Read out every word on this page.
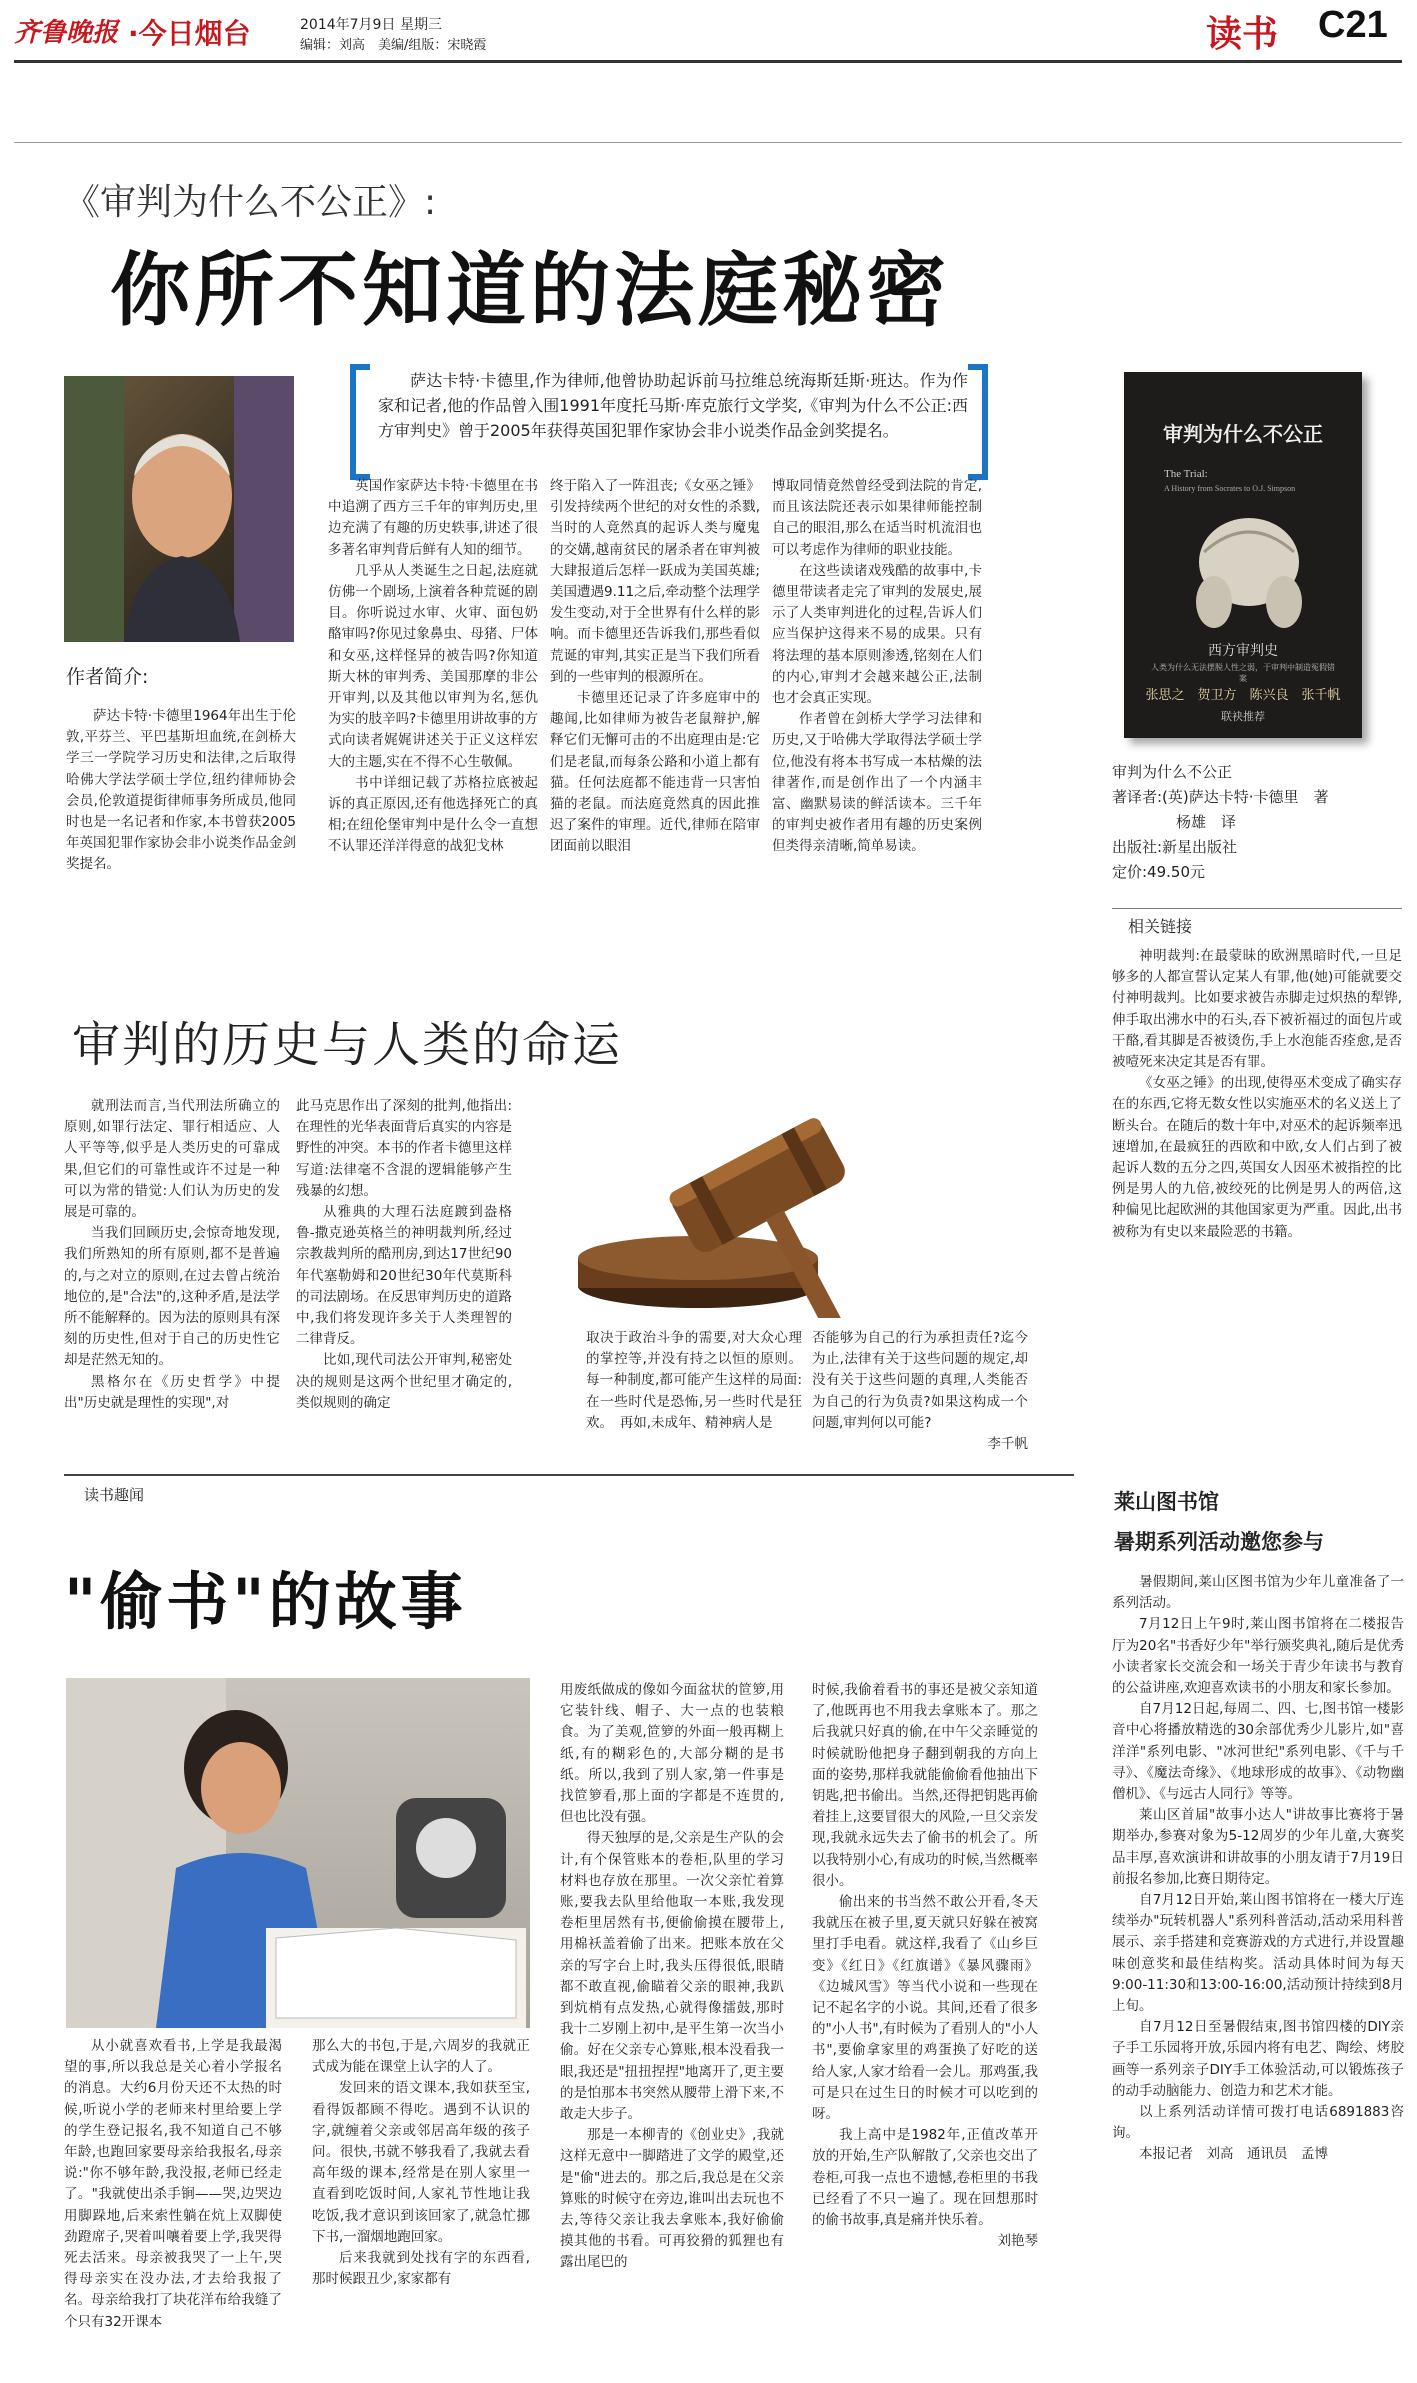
齐鲁晚报 ·今日烟台	2014年7月9日 星期三
编辑：刘高　美编/组版：宋晓霞	读书 C21
《审判为什么不公正》:
你所不知道的法庭秘密
作者简介:

萨达卡特·卡德里1964年出生于伦敦,平芬兰、平巴基斯坦血统,在剑桥大学三一学院学习历史和法律,之后取得哈佛大学法学硕士学位,纽约律师协会会员,伦敦道提街律师事务所成员,他同时也是一名记者和作家,本书曾获2005年英国犯罪作家协会非小说类作品金剑奖提名。

萨达卡特·卡德里,作为律师,他曾协助起诉前马拉维总统海斯廷斯·班达。作为作家和记者,他的作品曾入围1991年度托马斯·库克旅行文学奖,《审判为什么不公正:西方审判史》曾于2005年获得英国犯罪作家协会非小说类作品金剑奖提名。

英国作家萨达卡特·卡德里在书中追溯了西方三千年的审判历史,里边充满了有趣的历史轶事,讲述了很多著名审判背后鲜有人知的细节。

几乎从人类诞生之日起,法庭就仿佛一个剧场,上演着各种荒诞的剧目。你听说过水审、火审、面包奶酪审吗?你见过象鼻虫、母猪、尸体和女巫,这样怪异的被告吗?你知道斯大林的审判秀、美国那摩的非公开审判,以及其他以审判为名,惩仇为实的肢辛吗?卡德里用讲故事的方式向读者娓娓讲述关于正义这样宏大的主题,实在不得不心生敬佩。

书中详细记载了苏格拉底被起诉的真正原因,还有他选择死亡的真相;在纽伦堡审判中是什么令一直想不认罪还洋洋得意的战犯戈林

终于陷入了一阵沮丧;《女巫之锤》引发持续两个世纪的对女性的杀戮,当时的人竟然真的起诉人类与魔鬼的交媾,越南贫民的屠杀者在审判被大肆报道后怎样一跃成为美国英雄;美国遭遇9.11之后,牵动整个法理学发生变动,对于全世界有什么样的影响。而卡德里还告诉我们,那些看似荒诞的审判,其实正是当下我们所看到的一些审判的根源所在。

卡德里还记录了许多庭审中的趣闻,比如律师为被告老鼠辩护,解释它们无懈可击的不出庭理由是:它们是老鼠,而每条公路和小道上都有猫。任何法庭都不能违背一只害怕猫的老鼠。而法庭竟然真的因此推迟了案件的审理。近代,律师在陪审团面前以眼泪

博取同情竟然曾经受到法院的肯定,而且该法院还表示如果律师能控制自己的眼泪,那么在适当时机流泪也可以考虑作为律师的职业技能。

在这些读诸戏残酷的故事中,卡德里带读者走完了审判的发展史,展示了人类审判进化的过程,告诉人们应当保护这得来不易的成果。只有将法理的基本原则渗透,铭刻在人们的内心,审判才会越来越公正,法制也才会真正实现。

作者曾在剑桥大学学习法律和历史,又于哈佛大学取得法学硕士学位,他没有将本书写成一本枯燥的法律著作,而是创作出了一个内涵丰富、幽默易读的鲜活读本。三千年的审判史被作者用有趣的历史案例但类得亲清晰,简单易读。

审判为什么不公正
The Trial:
A History from Socrates to O.J. Simpson
西方审判史
人类为什么无法摆脱人性之弱，于审判中制造冤假错案
张思之　贺卫方　陈兴良　张千帆
联袂推荐
审判为什么不公正
著译者:(英)萨达卡特·卡德里　著
杨雄　译
出版社:新星出版社
定价:49.50元
相关链接

神明裁判:在最蒙昧的欧洲黑暗时代,一旦足够多的人都宣誓认定某人有罪,他(她)可能就要交付神明裁判。比如要求被告赤脚走过炽热的犁铧,伸手取出沸水中的石头,吞下被祈福过的面包片或干酪,看其脚是否被烫伤,手上水泡能否痊愈,是否被噎死来决定其是否有罪。

《女巫之锤》的出现,使得巫术变成了确实存在的东西,它将无数女性以实施巫术的名义送上了断头台。在随后的数十年中,对巫术的起诉频率迅速增加,在最疯狂的西欧和中欧,女人们占到了被起诉人数的五分之四,英国女人因巫术被指控的比例是男人的九倍,被绞死的比例是男人的两倍,这种偏见比起欧洲的其他国家更为严重。因此,出书被称为有史以来最险恶的书籍。

审判的历史与人类的命运

就刑法而言,当代刑法所确立的原则,如罪行法定、罪行相适应、人人平等等,似乎是人类历史的可靠成果,但它们的可靠性或许不过是一种可以为常的错觉:人们认为历史的发展是可靠的。

当我们回顾历史,会惊奇地发现,我们所熟知的所有原则,都不是普遍的,与之对立的原则,在过去曾占统治地位的,是"合法"的,这种矛盾,是法学所不能解释的。因为法的原则具有深刻的历史性,但对于自己的历史性它却是茫然无知的。

黑格尔在《历史哲学》中提出"历史就是理性的实现",对

此马克思作出了深刻的批判,他指出:在理性的光华表面背后真实的内容是野性的冲突。本书的作者卡德里这样写道:法律毫不含混的逻辑能够产生残暴的幻想。

从雅典的大理石法庭踱到盎格鲁-撒克逊英格兰的神明裁判所,经过宗教裁判所的酷刑房,到达17世纪90年代塞勒姆和20世纪30年代莫斯科的司法剧场。在反思审判历史的道路中,我们将发现许多关于人类理智的二律背反。

比如,现代司法公开审判,秘密处决的规则是这两个世纪里才确定的,类似规则的确定

取决于政治斗争的需要,对大众心理的掌控等,并没有持之以恒的原则。每一种制度,都可能产生这样的局面:在一些时代是恐怖,另一些时代是狂欢。　再如,未成年、精神病人是

否能够为自己的行为承担责任?迄今为止,法律有关于这些问题的规定,却没有关于这些问题的真理,人类能否为自己的行为负责?如果这构成一个问题,审判何以可能?

李千帆
莱山图书馆
暑期系列活动邀您参与

暑假期间,莱山区图书馆为少年儿童准备了一系列活动。

7月12日上午9时,莱山图书馆将在二楼报告厅为20名"书香好少年"举行颁奖典礼,随后是优秀小读者家长交流会和一场关于青少年读书与教育的公益讲座,欢迎喜欢读书的小朋友和家长参加。

自7月12日起,每周二、四、七,图书馆一楼影音中心将播放精选的30余部优秀少儿影片,如"喜洋洋"系列电影、"冰河世纪"系列电影、《千与千寻》、《魔法奇缘》、《地球形成的故事》、《动物幽僧机》、《与远古人同行》等等。

莱山区首届"故事小达人"讲故事比赛将于暑期举办,参赛对象为5-12周岁的少年儿童,大赛奖品丰厚,喜欢演讲和讲故事的小朋友请于7月19日前报名参加,比赛日期待定。

自7月12日开始,莱山图书馆将在一楼大厅连续举办"玩转机器人"系列科普活动,活动采用科普展示、亲手搭建和竞赛游戏的方式进行,并设置趣味创意奖和最佳结构奖。活动具体时间为每天9:00-11:30和13:00-16:00,活动预计持续到8月上旬。

自7月12日至暑假结束,图书馆四楼的DIY亲子手工乐园将开放,乐园内将有电艺、陶绘、烤胶画等一系列亲子DIY手工体验活动,可以锻炼孩子的动手动脑能力、创造力和艺术才能。

以上系列活动详情可拨打电话6891883咨询。

本报记者　刘高　通讯员　孟博

读书趣闻
"偷书"的故事

从小就喜欢看书,上学是我最渴望的事,所以我总是关心着小学报名的消息。大约6月份天还不太热的时候,听说小学的老师来村里给要上学的学生登记报名,我不知道自己不够年龄,也跑回家要母亲给我报名,母亲说:"你不够年龄,我没报,老师已经走了。"我就使出杀手锏——哭,边哭边用脚跺地,后来索性躺在炕上双脚使劲蹬席子,哭着叫嚷着要上学,我哭得死去活来。母亲被我哭了一上午,哭得母亲实在没办法,才去给我报了名。母亲给我打了块花洋布给我缝了个只有32开课本

那么大的书包,于是,六周岁的我就正式成为能在课堂上认字的人了。

发回来的语文课本,我如获至宝,看得饭都顾不得吃。遇到不认识的字,就缠着父亲或邻居高年级的孩子问。很快,书就不够我看了,我就去看高年级的课本,经常是在别人家里一直看到吃饭时间,人家礼节性地让我吃饭,我才意识到该回家了,就急忙挪下书,一溜烟地跑回家。

后来我就到处找有字的东西看,那时候跟丑少,家家都有

用废纸做成的像如今面盆状的笸箩,用它装针线、帽子、大一点的也装粮食。为了美观,笸箩的外面一般再糊上纸,有的糊彩色的,大部分糊的是书纸。所以,我到了别人家,第一件事是找笸箩看,那上面的字都是不连贯的,但也比没有强。

得天独厚的是,父亲是生产队的会计,有个保管账本的卷柜,队里的学习材料也存放在那里。一次父亲忙着算账,要我去队里给他取一本账,我发现卷柜里居然有书,便偷偷摸在腰带上,用棉袄盖着偷了出来。把账本放在父亲的写字台上时,我头压得很低,眼睛都不敢直视,偷瞄着父亲的眼神,我趴到炕梢有点发热,心就得像擂鼓,那时我十二岁刚上初中,是平生第一次当小偷。好在父亲专心算账,根本没看我一眼,我还是"扭扭捏捏"地离开了,更主要的是怕那本书突然从腰带上滑下来,不敢走大步子。

那是一本柳青的《创业史》,我就这样无意中一脚踏进了文学的殿堂,还是"偷"进去的。那之后,我总是在父亲算账的时候守在旁边,谁叫出去玩也不去,等待父亲让我去拿账本,我好偷偷摸其他的书看。可再狡猾的狐狸也有露出尾巴的

时候,我偷着看书的事还是被父亲知道了,他既再也不用我去拿账本了。那之后我就只好真的偷,在中午父亲睡觉的时候就盼他把身子翻到朝我的方向上面的姿势,那样我就能偷偷看他抽出下钥匙,把书偷出。当然,还得把钥匙再偷着挂上,这要冒很大的风险,一旦父亲发现,我就永远失去了偷书的机会了。所以我特别小心,有成功的时候,当然概率很小。

偷出来的书当然不敢公开看,冬天我就压在被子里,夏天就只好躲在被窝里打手电看。就这样,我看了《山乡巨变》《红日》《红旗谱》《暴风骤雨》《边城风雪》等当代小说和一些现在记不起名字的小说。其间,还看了很多的"小人书",有时候为了看别人的"小人书",要偷拿家里的鸡蛋换了好吃的送给人家,人家才给看一会儿。那鸡蛋,我可是只在过生日的时候才可以吃到的呀。

我上高中是1982年,正值改革开放的开始,生产队解散了,父亲也交出了卷柜,可我一点也不遗憾,卷柜里的书我已经看了不只一遍了。现在回想那时的偷书故事,真是痛并快乐着。

刘艳琴
